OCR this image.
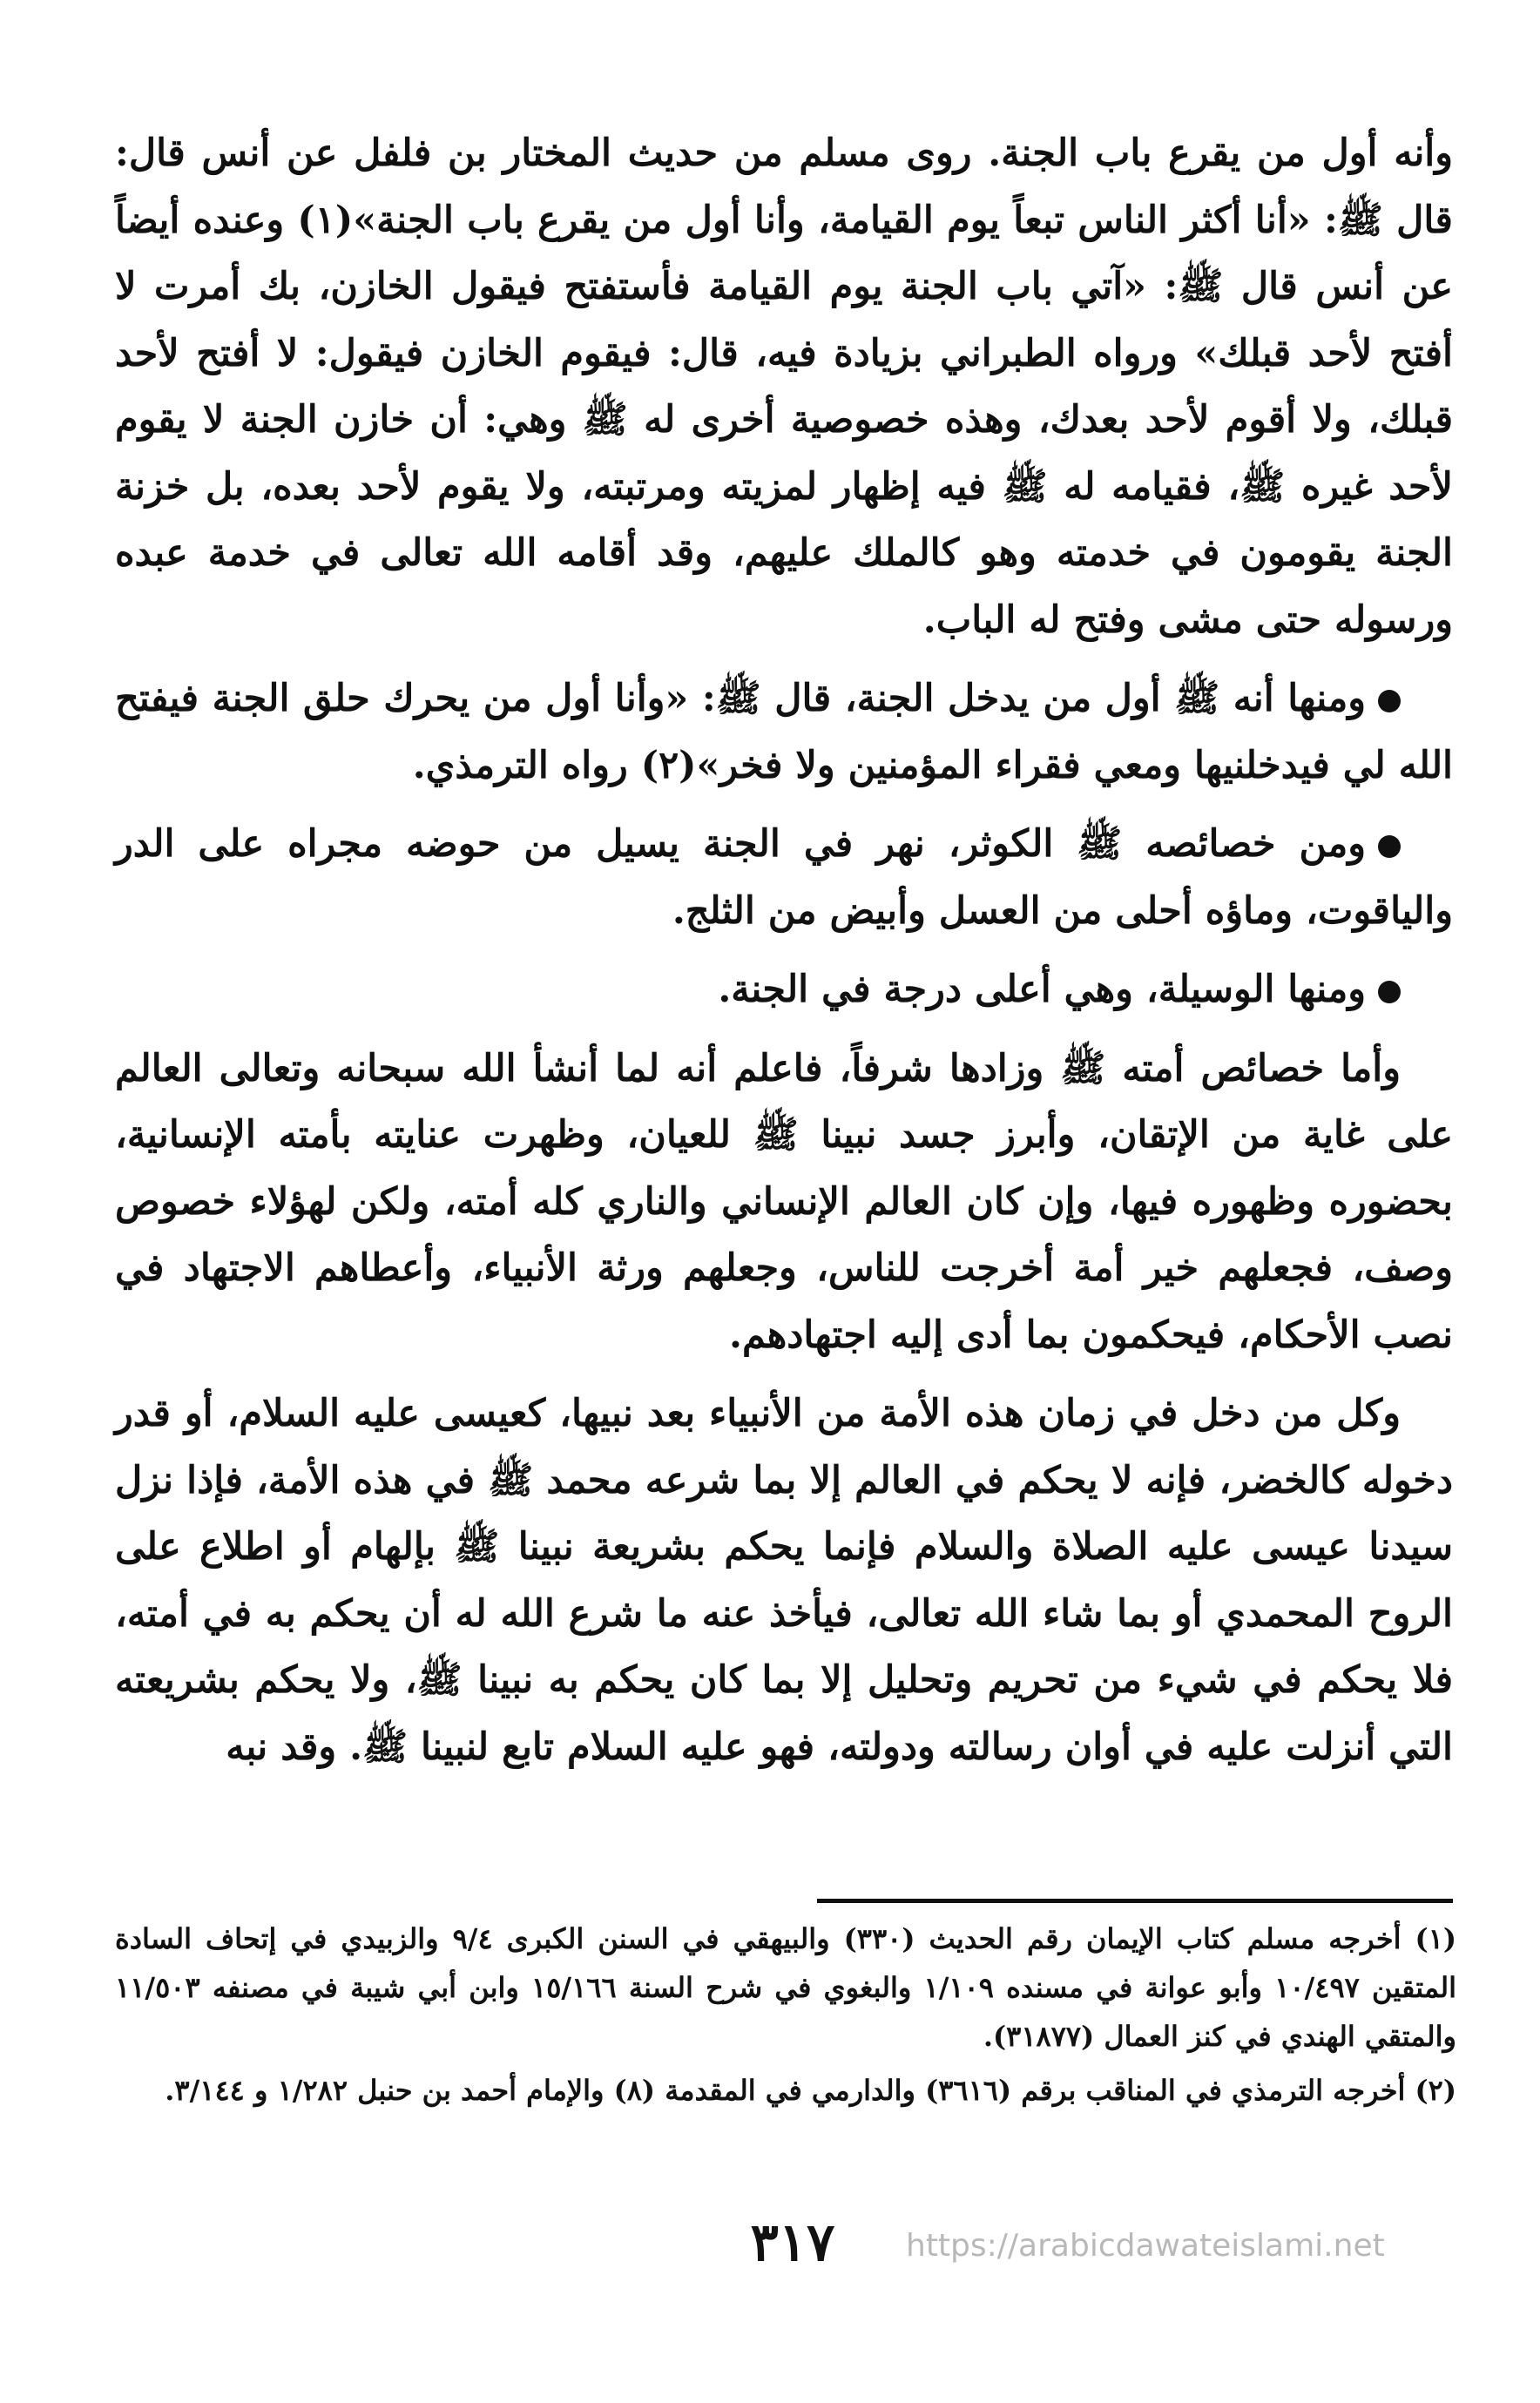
وأنه أول من يقرع باب الجنة. روى مسلم من حديث المختار بن فلفل عن أنس قال: قال ﷺ: «أنا أكثر الناس تبعاً يوم القيامة، وأنا أول من يقرع باب الجنة»(١) وعنده أيضاً عن أنس قال ﷺ: «آتي باب الجنة يوم القيامة فأستفتح فيقول الخازن، بك أمرت لا أفتح لأحد قبلك» ورواه الطبراني بزيادة فيه، قال: فيقوم الخازن فيقول: لا أفتح لأحد قبلك، ولا أقوم لأحد بعدك، وهذه خصوصية أخرى له ﷺ وهي: أن خازن الجنة لا يقوم لأحد غيره ﷺ، فقيامه له ﷺ فيه إظهار لمزيته ومرتبته، ولا يقوم لأحد بعده، بل خزنة الجنة يقومون في خدمته وهو كالملك عليهم، وقد أقامه الله تعالى في خدمة عبده ورسوله حتى مشى وفتح له الباب.

ومنها أنه ﷺ أول من يدخل الجنة، قال ﷺ: «وأنا أول من يحرك حلق الجنة فيفتح الله لي فيدخلنيها ومعي فقراء المؤمنين ولا فخر»(٢) رواه الترمذي.

ومن خصائصه ﷺ الكوثر، نهر في الجنة يسيل من حوضه مجراه على الدر والياقوت، وماؤه أحلى من العسل وأبيض من الثلج.

ومنها الوسيلة، وهي أعلى درجة في الجنة.

وأما خصائص أمته ﷺ وزادها شرفاً، فاعلم أنه لما أنشأ الله سبحانه وتعالى العالم على غاية من الإتقان، وأبرز جسد نبينا ﷺ للعيان، وظهرت عنايته بأمته الإنسانية، بحضوره وظهوره فيها، وإن كان العالم الإنساني والناري كله أمته، ولكن لهؤلاء خصوص وصف، فجعلهم خير أمة أخرجت للناس، وجعلهم ورثة الأنبياء، وأعطاهم الاجتهاد في نصب الأحكام، فيحكمون بما أدى إليه اجتهادهم.

وكل من دخل في زمان هذه الأمة من الأنبياء بعد نبيها، كعيسى عليه السلام، أو قدر دخوله كالخضر، فإنه لا يحكم في العالم إلا بما شرعه محمد ﷺ في هذه الأمة، فإذا نزل سيدنا عيسى عليه الصلاة والسلام فإنما يحكم بشريعة نبينا ﷺ بإلهام أو اطلاع على الروح المحمدي أو بما شاء الله تعالى، فيأخذ عنه ما شرع الله له أن يحكم به في أمته، فلا يحكم في شيء من تحريم وتحليل إلا بما كان يحكم به نبينا ﷺ، ولا يحكم بشريعته التي أنزلت عليه في أوان رسالته ودولته، فهو عليه السلام تابع لنبينا ﷺ. وقد نبه

(١) أخرجه مسلم كتاب الإيمان رقم الحديث (٣٣٠) والبيهقي في السنن الكبرى ٩/٤ والزبيدي في إتحاف السادة المتقين ١٠/٤٩٧ وأبو عوانة في مسنده ١/١٠٩ والبغوي في شرح السنة ١٥/١٦٦ وابن أبي شيبة في مصنفه ١١/٥٠٣ والمتقي الهندي في كنز العمال (٣١٨٧٧).

(٢) أخرجه الترمذي في المناقب برقم (٣٦١٦) والدارمي في المقدمة (٨) والإمام أحمد بن حنبل ١/٢٨٢ و ٣/١٤٤.

٣١٧	https://arabicdawateislami.net
